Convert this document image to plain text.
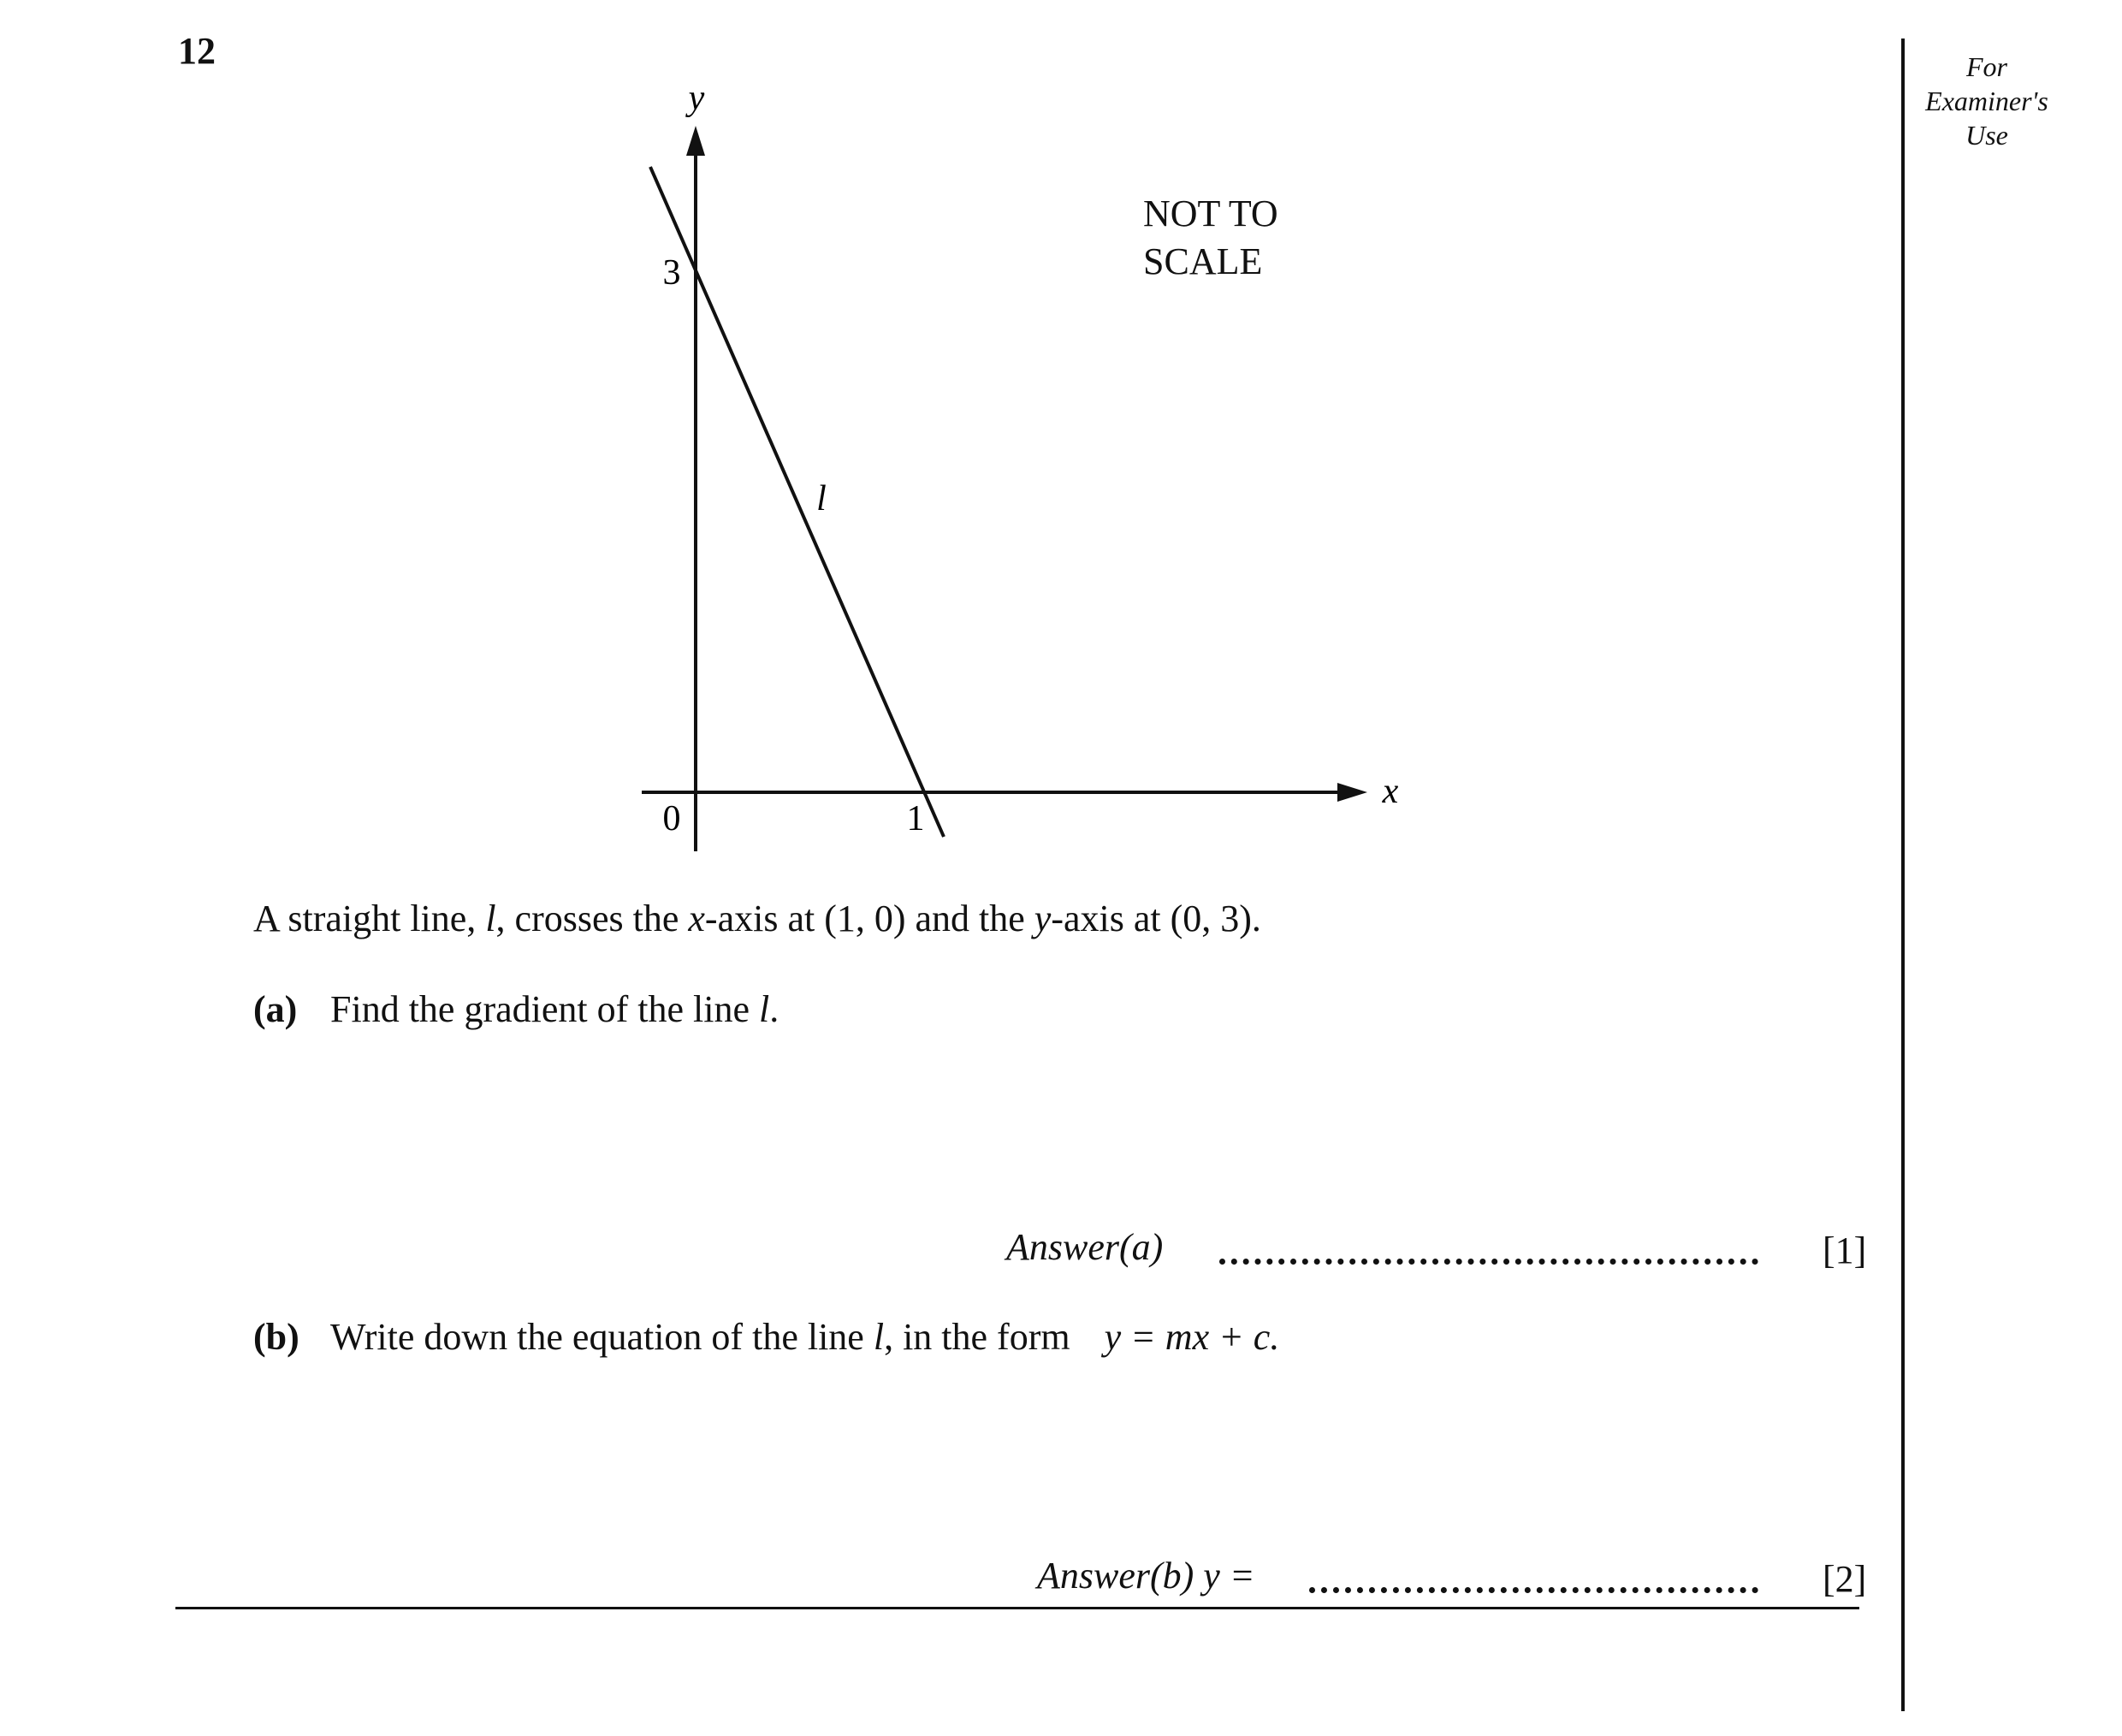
12	For
Examiner's
Use
y
x
0	1
3
l
NOT TO
SCALE
A straight line, l, crosses the x-axis at (1, 0) and the y-axis at (0, 3).
(a) Find the gradient of the line l.
Answer(a)	[1]
(b) Write down the equation of the line l, in the form y = mx + c.
Answer(b) y =	[2]
